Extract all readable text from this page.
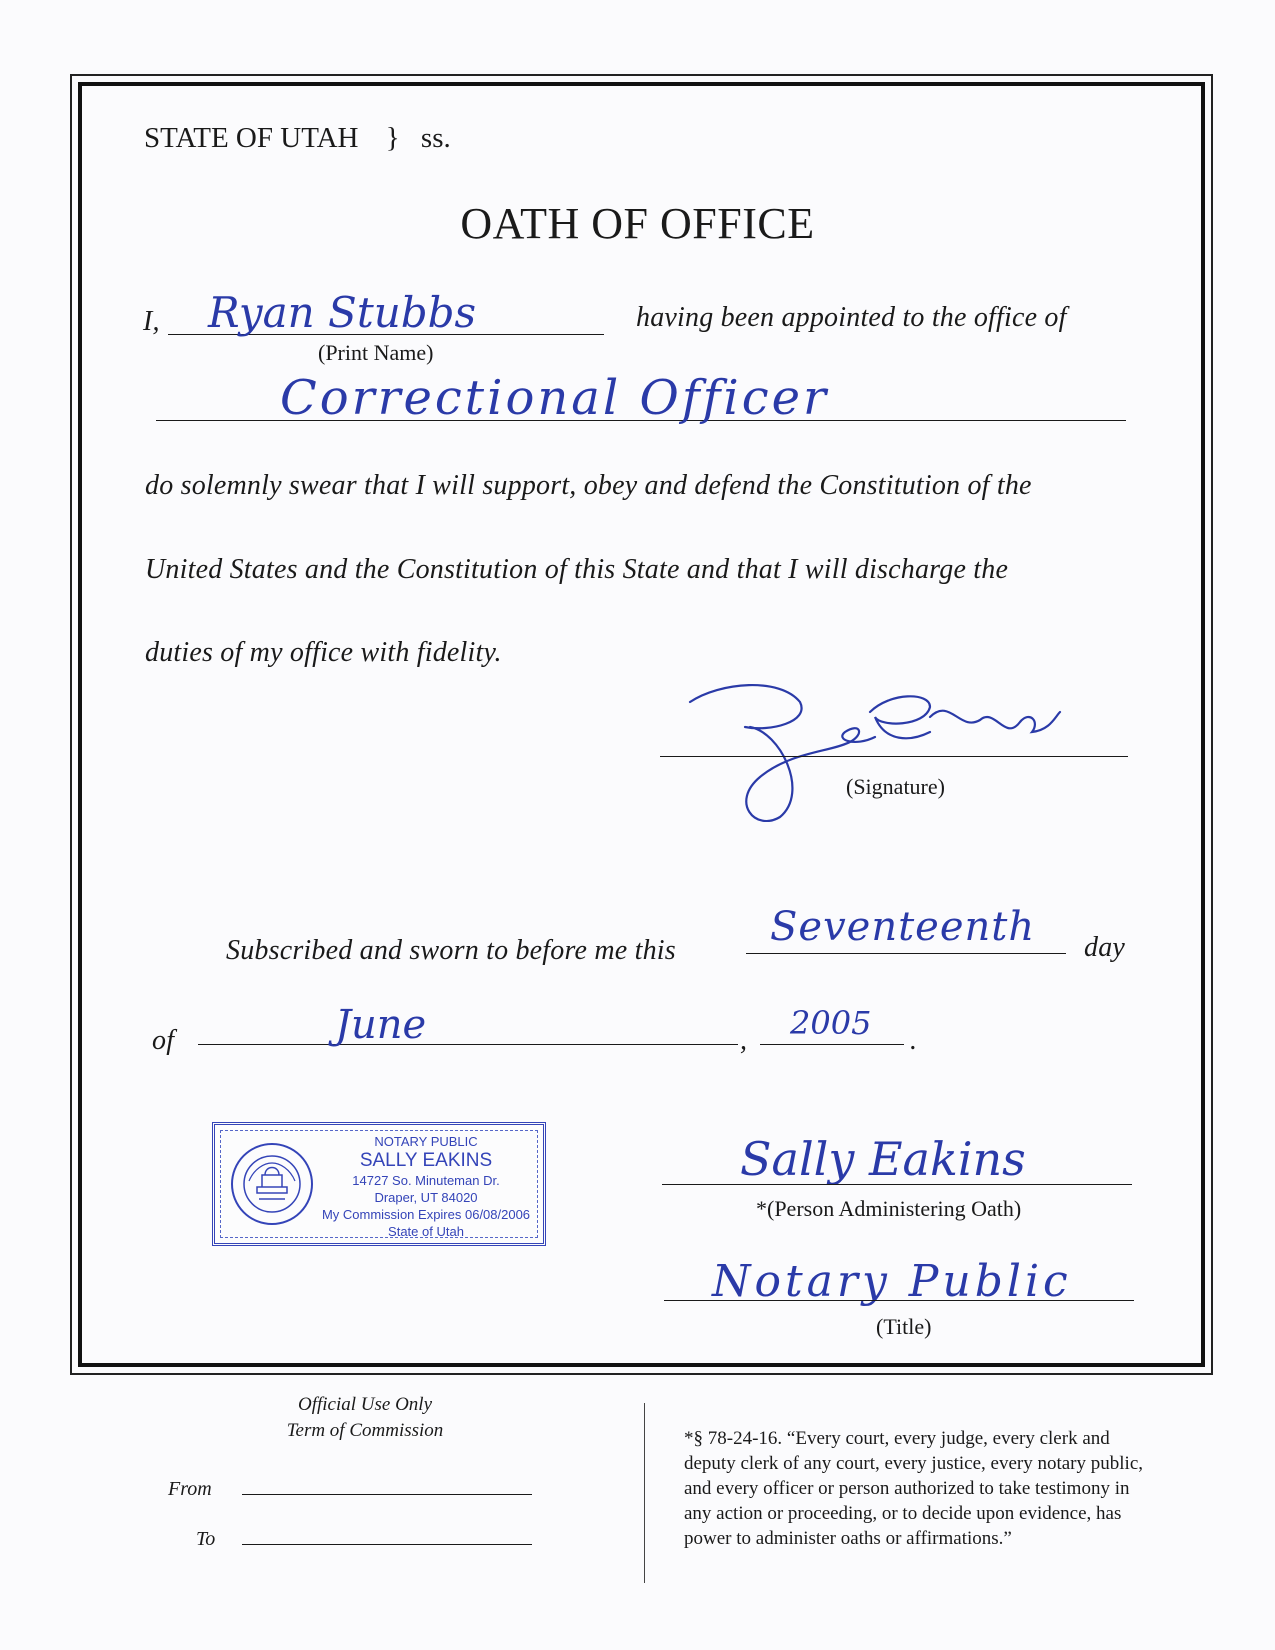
STATE OF UTAH } ss.
OATH OF OFFICE
I, Ryan Stubbs
(Print Name)
having been appointed to the office of
Correctional Officer
do solemnly swear that I will support, obey and defend the Constitution of the
United States and the Constitution of this State and that I will discharge the
duties of my office with fidelity.
(Signature)
Subscribed and sworn to before me this
Seventeenth day
of	June	, 2005 .
NOTARY PUBLIC
SALLY EAKINS
14727 So. Minuteman Dr.
Draper, UT 84020
My Commission Expires 06/08/2006
State of Utah
Sally Eakins
*(Person Administering Oath)
Notary Public
(Title)
Official Use Only
Term of Commission
From
To
*§ 78-24-16. “Every court, every judge, every clerk and
deputy clerk of any court, every justice, every notary public,
and every officer or person authorized to take testimony in
any action or proceeding, or to decide upon evidence, has
power to administer oaths or affirmations.”
